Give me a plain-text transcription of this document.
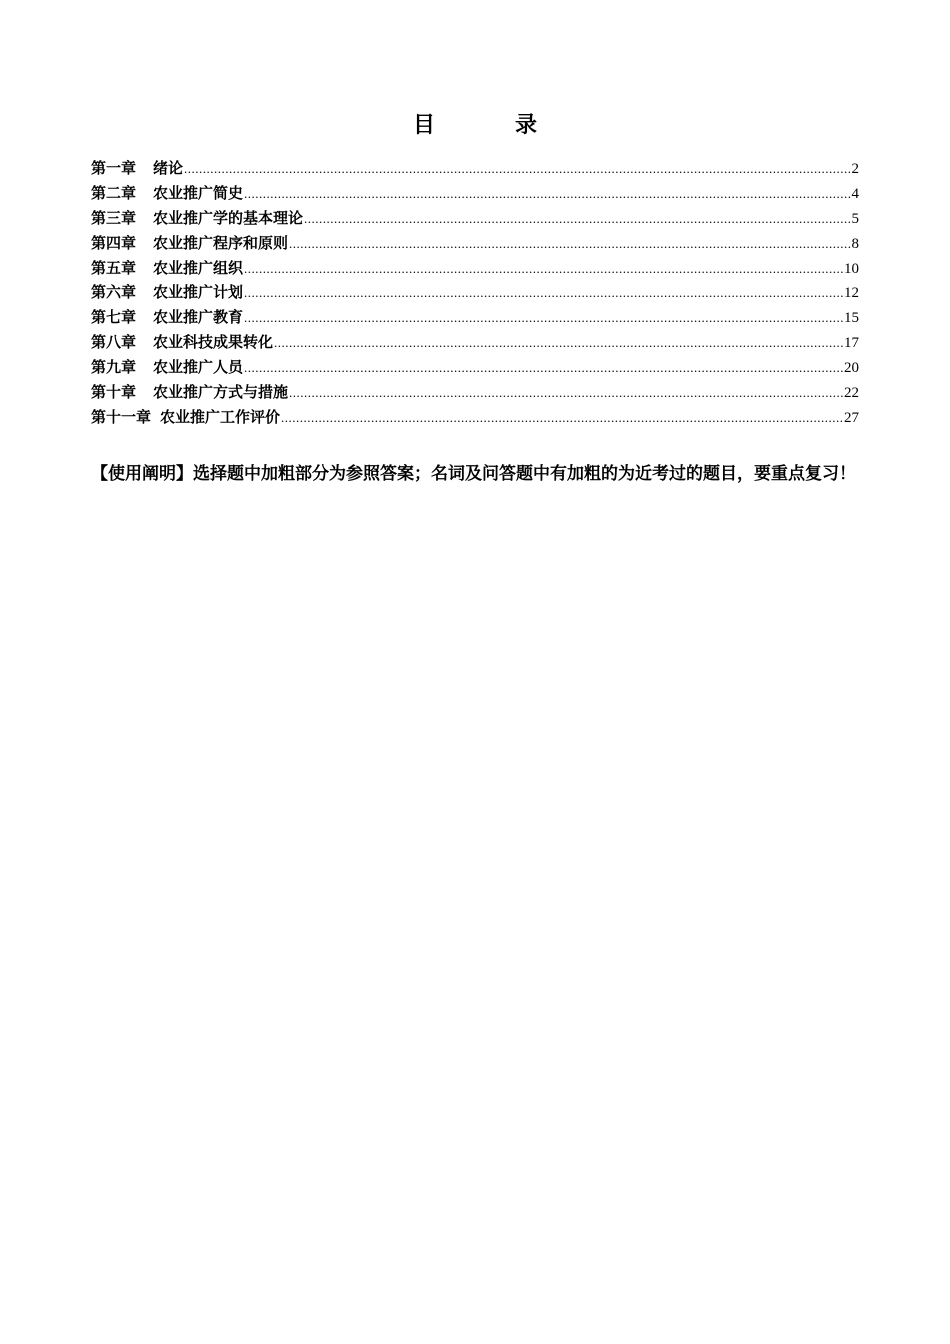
目	录
第一章 绪论 .....	2
第二章 农业推广简史 .....	4
第三章 农业推广学的基本理论 .....	5
第四章 农业推广程序和原则 .....	8
第五章 农业推广组织 .....	10
第六章 农业推广计划 .....	12
第七章 农业推广教育 .....	15
第八章 农业科技成果转化 .....	17
第九章 农业推广人员 .....	20
第十章 农业推广方式与措施 .....	22
第十一章 农业推广工作评价 .....	27

【使用阐明】选择题中加粗部分为参照答案；名词及问答题中有加粗的为近考过的题目，要重点复习！
